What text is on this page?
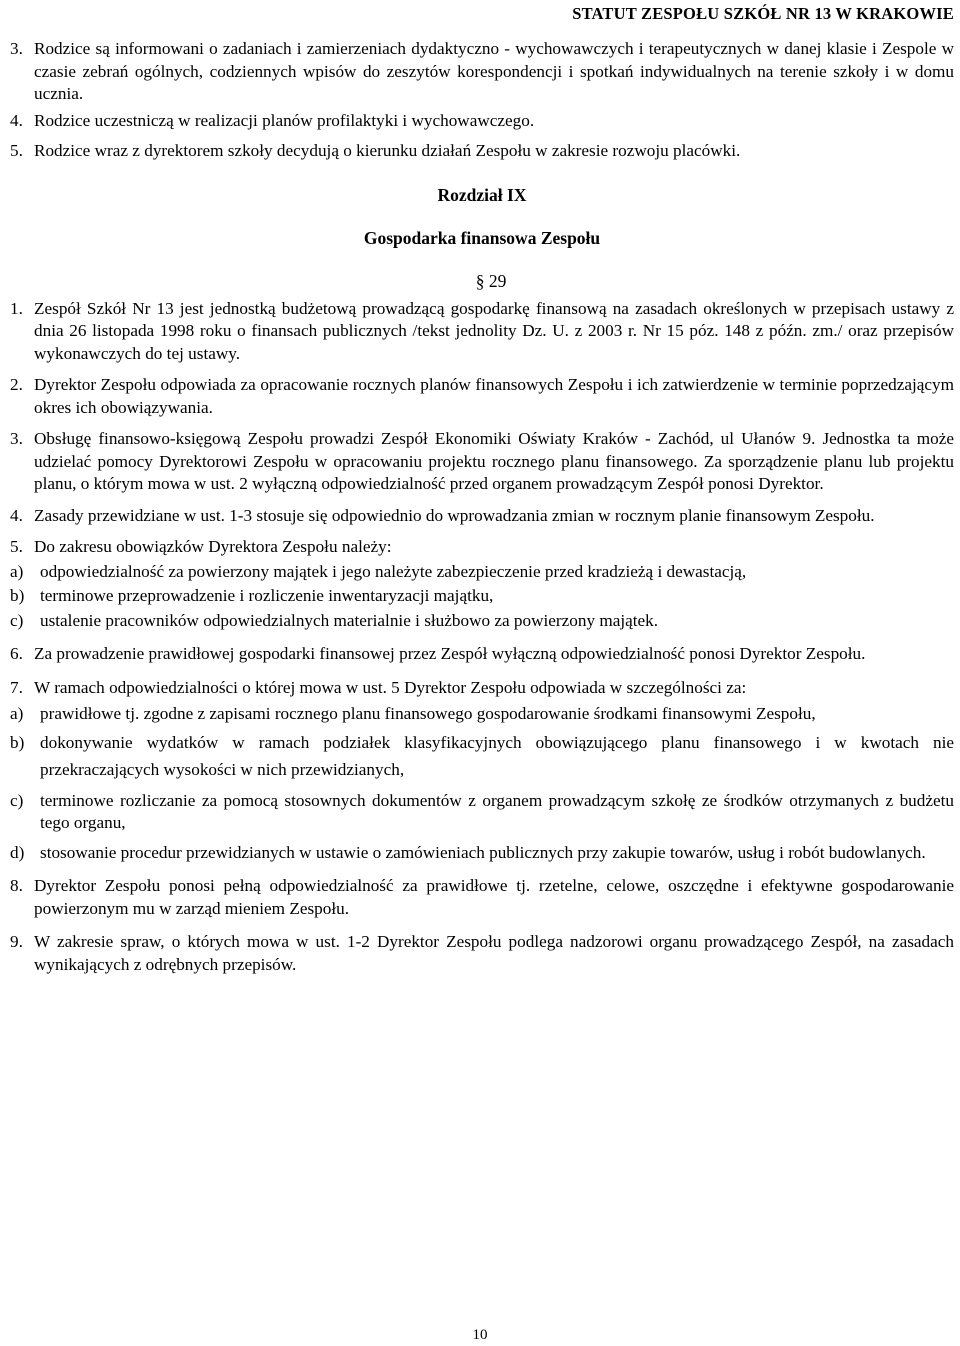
STATUT ZESPOŁU SZKÓŁ NR 13 W KRAKOWIE
3. Rodzice są informowani o zadaniach i zamierzeniach dydaktyczno - wychowawczych i terapeutycznych w danej klasie i Zespole w czasie zebrań ogólnych, codziennych wpisów do zeszytów korespondencji i spotkań indywidualnych na terenie szkoły i w domu ucznia.
4. Rodzice uczestniczą w realizacji planów profilaktyki i wychowawczego.
5. Rodzice wraz z dyrektorem szkoły decydują o kierunku działań Zespołu w zakresie rozwoju placówki.
Rozdział IX
Gospodarka finansowa Zespołu
§ 29
1. Zespół Szkół Nr 13 jest jednostką budżetową prowadzącą gospodarkę finansową na zasadach określonych w przepisach ustawy z dnia 26 listopada 1998 roku o finansach publicznych /tekst jednolity Dz. U. z 2003 r. Nr 15 póz. 148 z późn. zm./ oraz przepisów wykonawczych do tej ustawy.
2. Dyrektor Zespołu odpowiada za opracowanie rocznych planów finansowych Zespołu i ich zatwierdzenie w terminie poprzedzającym okres ich obowiązywania.
3. Obsługę finansowo-księgową Zespołu prowadzi Zespół Ekonomiki Oświaty Kraków - Zachód, ul Ułanów 9. Jednostka ta może udzielać pomocy Dyrektorowi Zespołu w opracowaniu projektu rocznego planu finansowego. Za sporządzenie planu lub projektu planu, o którym mowa w ust. 2 wyłączną odpowiedzialność przed organem prowadzącym Zespół ponosi Dyrektor.
4. Zasady przewidziane w ust. 1-3 stosuje się odpowiednio do wprowadzania zmian w rocznym planie finansowym Zespołu.
5. Do zakresu obowiązków Dyrektora Zespołu należy:
a) odpowiedzialność za powierzony majątek i jego należyte zabezpieczenie przed kradzieżą i dewastacją,
b) terminowe przeprowadzenie i rozliczenie inwentaryzacji majątku,
c) ustalenie pracowników odpowiedzialnych materialnie i służbowo za powierzony majątek.
6. Za prowadzenie prawidłowej gospodarki finansowej przez Zespół wyłączną odpowiedzialność ponosi Dyrektor Zespołu.
7. W ramach odpowiedzialności o której mowa w ust. 5 Dyrektor Zespołu odpowiada w szczególności za:
a) prawidłowe tj. zgodne z zapisami rocznego planu finansowego gospodarowanie środkami finansowymi Zespołu,
b) dokonywanie wydatków w ramach podziałek klasyfikacyjnych obowiązującego planu finansowego i w kwotach nie przekraczających wysokości w nich przewidzianych,
c) terminowe rozliczanie za pomocą stosownych dokumentów z organem prowadzącym szkołę ze środków otrzymanych z budżetu tego organu,
d) stosowanie procedur przewidzianych w ustawie o zamówieniach publicznych przy zakupie towarów, usług i robót budowlanych.
8. Dyrektor Zespołu ponosi pełną odpowiedzialność za prawidłowe tj. rzetelne, celowe, oszczędne i efektywne gospodarowanie powierzonym mu w zarząd mieniem Zespołu.
9. W zakresie spraw, o których mowa w ust. 1-2 Dyrektor Zespołu podlega nadzorowi organu prowadzącego Zespół, na zasadach wynikających z odrębnych przepisów.
10
